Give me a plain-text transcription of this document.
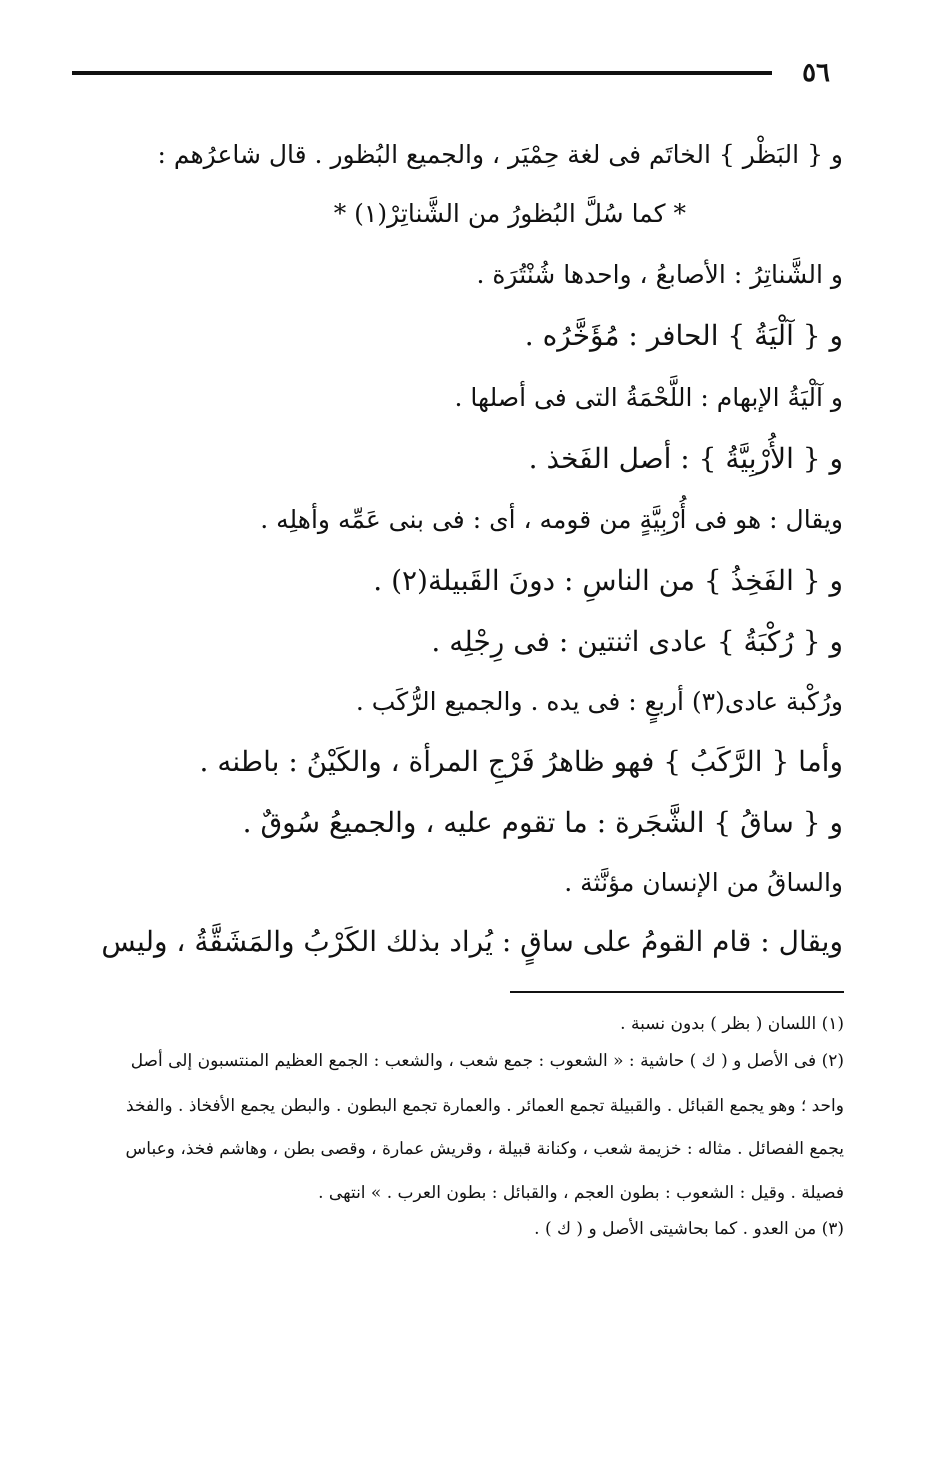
٥٦
و { البَظْر } الخاتَم فى لغة حِمْيَر ، والجميع البُظور . قال شاعرُهم :
* كما سُلَّ البُظورُ من الشَّناتِرْ(١) *
و الشَّناتِرُ : الأصابعُ ، واحدها شُنْتُرَة .
و { آلْيَةُ } الحافر : مُؤَخَّرُه .
و آلْيَةُ الإبهام : اللَّحْمَةُ التى فى أصلها .
و { الأُرْبِيَّةُ } : أصل الفَخذ .
ويقال : هو فى أُرْبِيَّةٍ من قومه ، أى : فى بنى عَمِّه وأهلِه .
و { الفَخِذُ } من الناسِ : دونَ القَبيلة(٢) .
و { رُكْبَةُ } عادى اثنتين : فى رِجْلِه .
ورُكْبة عادى(٣) أربعٍ : فى يده . والجميع الرُّكَب .
وأما { الرَّكَبُ } فهو ظاهرُ فَرْجِ المرأة ، والكَيْنُ : باطنه .
و { ساقُ } الشَّجَرة : ما تقوم عليه ، والجميعُ سُوقٌ .
والساقُ من الإنسان مؤنَّثة .
ويقال : قام القومُ على ساقٍ : يُراد بذلك الكَرْبُ والمَشَقَّةُ ، وليس
(١) اللسان ( بظر ) بدون نسبة .
(٢) فى الأصل و ( ك ) حاشية : « الشعوب : جمع شعب ، والشعب : الجمع العظيم المنتسبون إلى أصل
واحد ؛ وهو يجمع القبائل . والقبيلة تجمع العمائر . والعمارة تجمع البطون . والبطن يجمع الأفخاذ . والفخذ
يجمع الفصائل . مثاله : خزيمة شعب ، وكنانة قبيلة ، وقريش عمارة ، وقصى بطن ، وهاشم فخذ، وعباس
فصيلة . وقيل : الشعوب : بطون العجم ، والقبائل : بطون العرب . » انتهى .
(٣) من العدو . كما بحاشيتى الأصل و ( ك ) .
